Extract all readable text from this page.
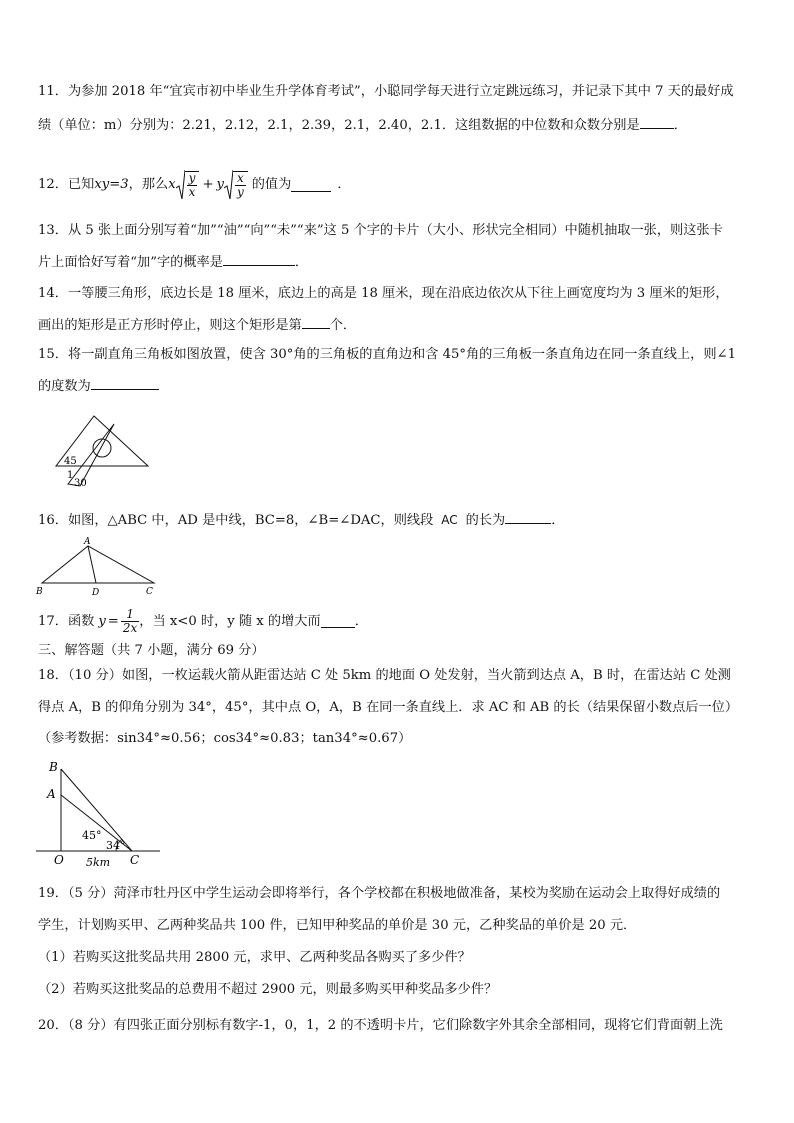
11．为参加 2018 年“宜宾市初中毕业生升学体育考试”，小聪同学每天进行立定跳远练习，并记录下其中 7 天的最好成
绩（单位：m）分别为：2.21，2.12，2.1，2.39，2.1，2.40，2.1．这组数据的中位数和众数分别是	．
12．已知 xy=3 ，那么 x $\frac{y}{x} + y \frac{x}{y}$ 的值为	．
13．从 5 张上面分别写着“加”“油”“向”“未”“来”这 5 个字的卡片（大小、形状完全相同）中随机抽取一张，则这张卡
片上面恰好写着“加”字的概率是	．
14．一等腰三角形，底边长是 18 厘米，底边上的高是 18 厘米，现在沿底边依次从下往上画宽度均为 3 厘米的矩形，
画出的矩形是正方形时停止，则这个矩形是第 个．
15．将一副直角三角板如图放置，使含 30°角的三角板的直角边和含 45°角的三角板一条直角边在同一条直线上，则∠1
的度数为
45
1
30
16．如图，△ABC 中，AD 是中线，BC=8，∠B=∠DAC，则线段 AC 的长为	．
A
B	D	C
17．函数 $y = \frac{1}{2x}$ ，当 x<0 时，y 随 x 的增大而	．
三、解答题（共 7 小题，满分 69 分）
18．（10 分）如图，一枚运载火箭从距雷达站 C 处 5km 的地面 O 处发射，当火箭到达点 A，B 时，在雷达站 C 处测
得点 A，B 的仰角分别为 34°，45°，其中点 O，A，B 在同一条直线上．求 AC 和 AB 的长（结果保留小数点后一位）
（参考数据：sin34°≈0.56；cos34°≈0.83；tan34°≈0.67）
B
A
45°
34°
O 5km C
19．（5 分）菏泽市牡丹区中学生运动会即将举行，各个学校都在积极地做准备，某校为奖励在运动会上取得好成绩的
学生，计划购买甲、乙两种奖品共 100 件，已知甲种奖品的单价是 30 元，乙种奖品的单价是 20 元．
（1）若购买这批奖品共用 2800 元，求甲、乙两种奖品各购买了多少件？
（2）若购买这批奖品的总费用不超过 2900 元，则最多购买甲种奖品多少件？
20．（8 分）有四张正面分别标有数字-1，0，1，2 的不透明卡片，它们除数字外其余全部相同，现将它们背面朝上洗
